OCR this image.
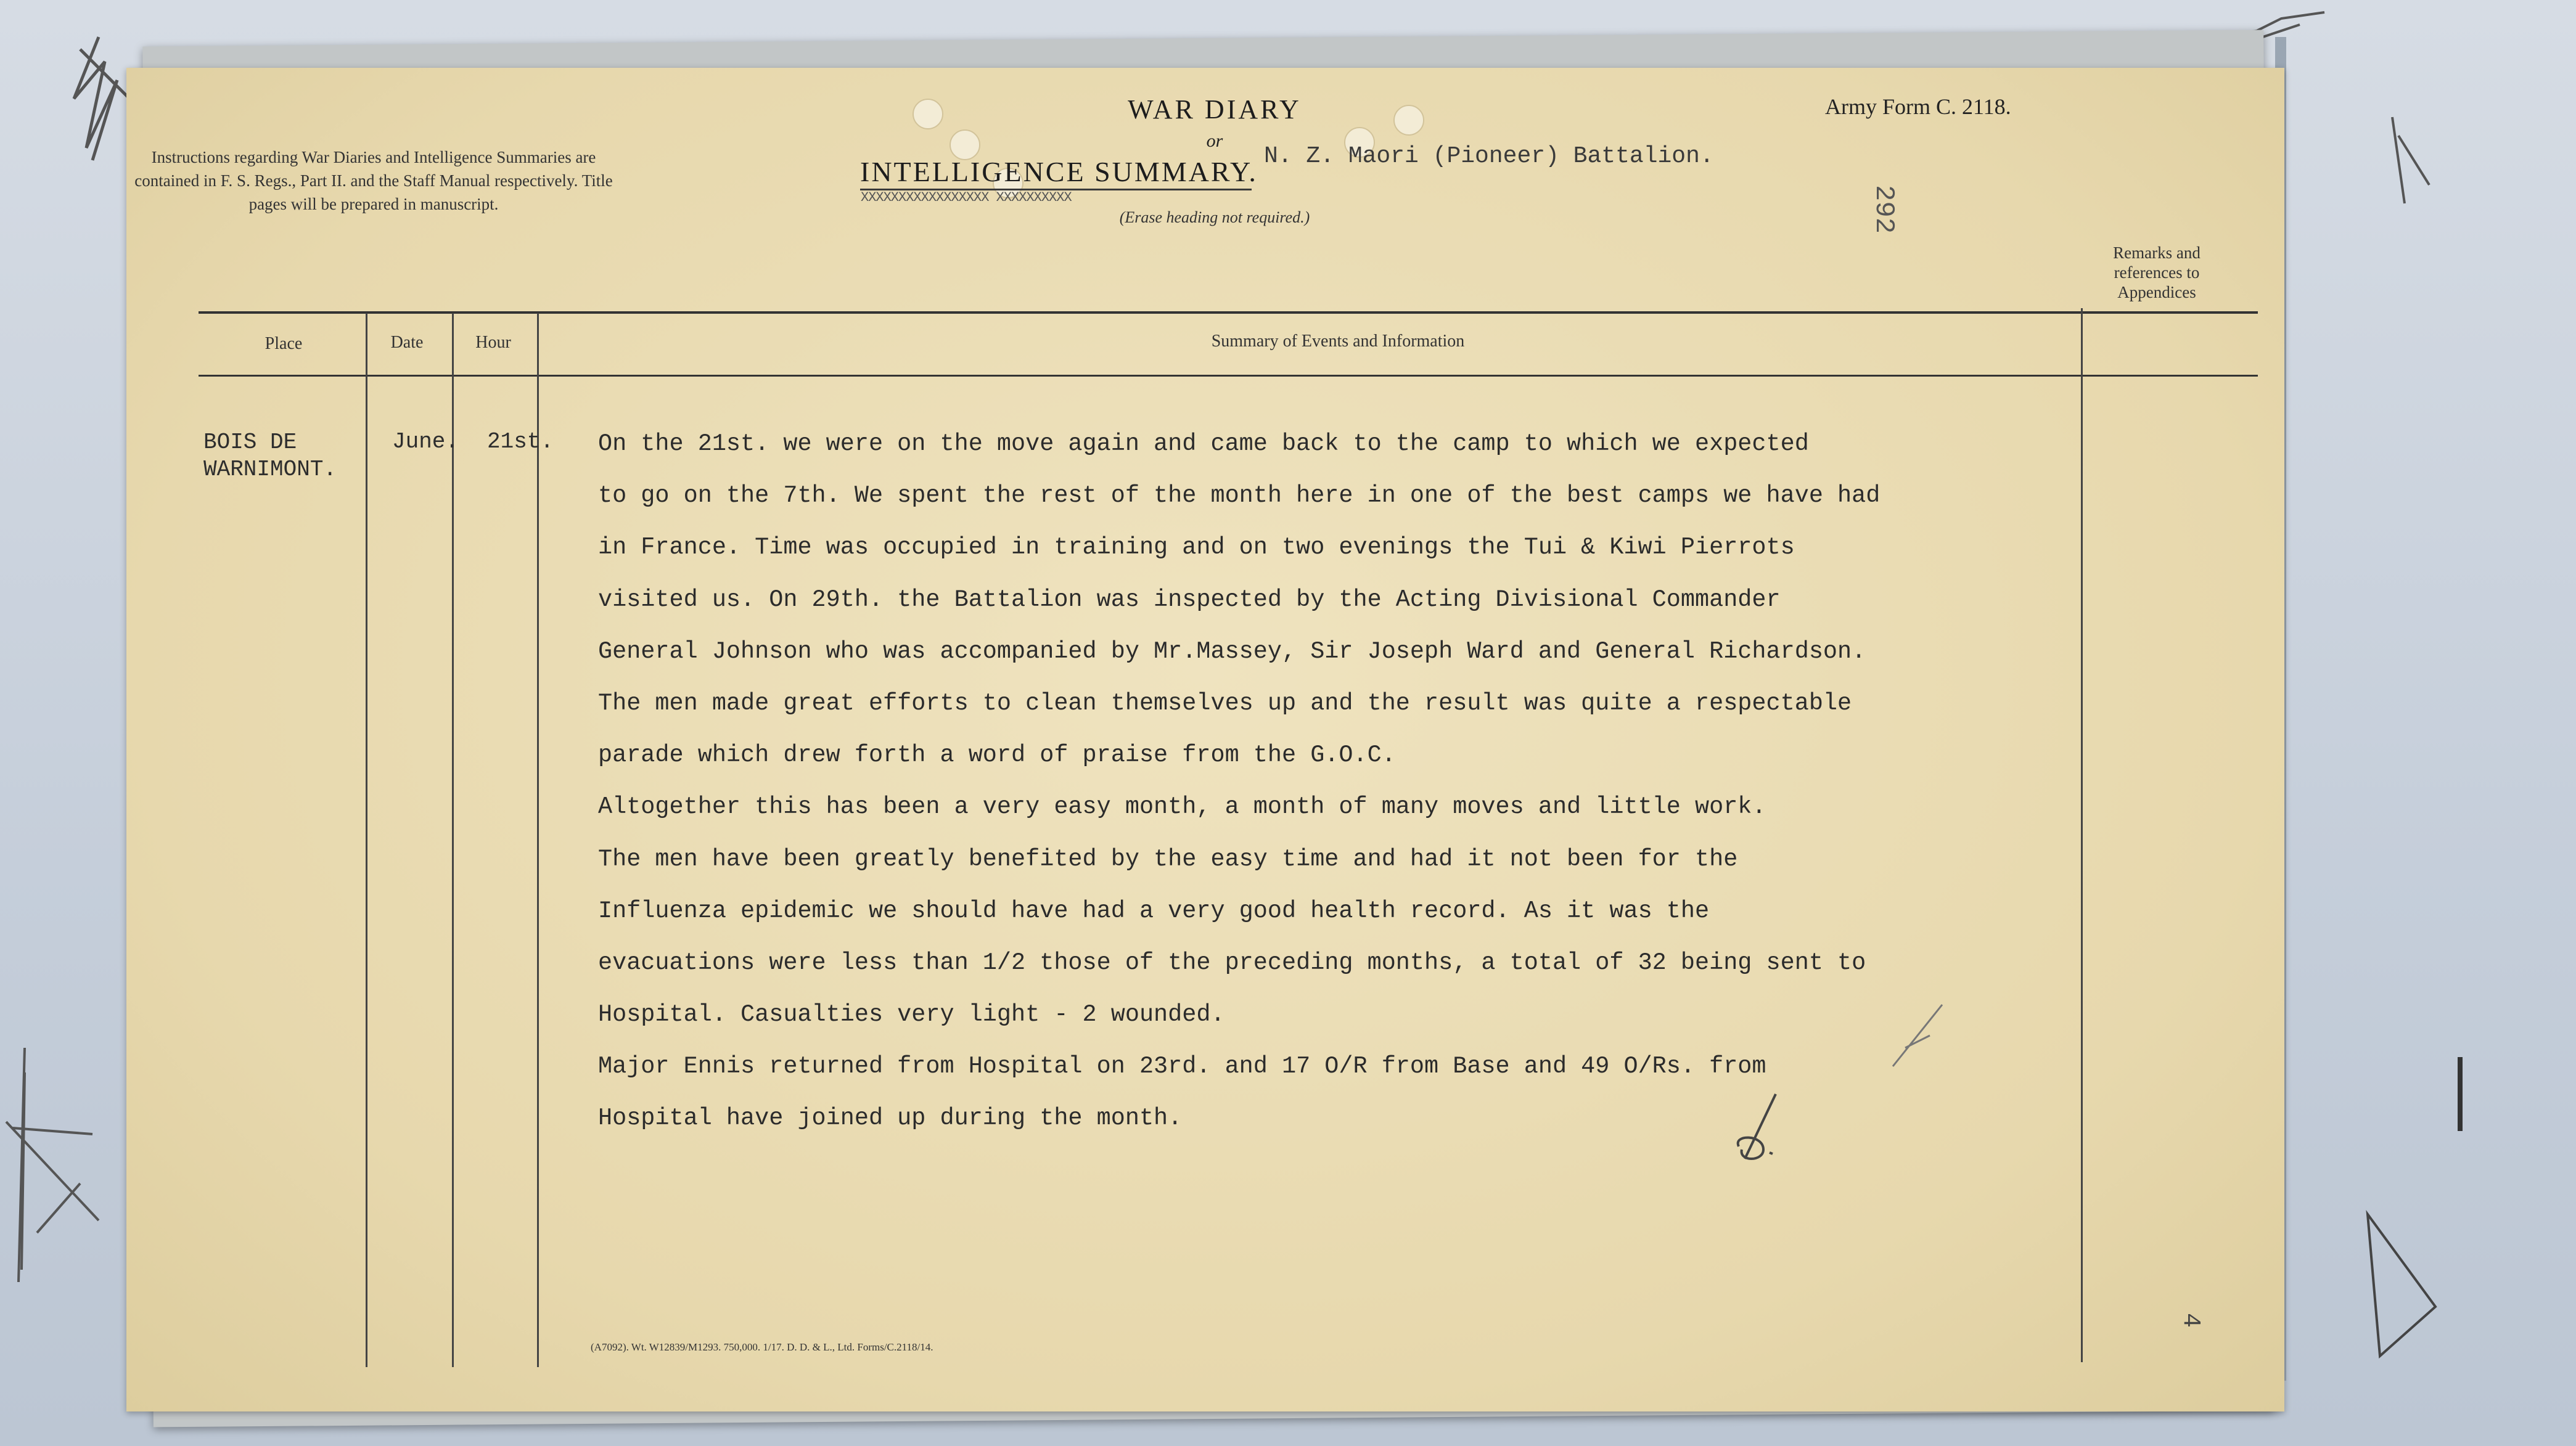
Instructions regarding War Diaries and Intelligence Summaries are contained in F. S. Regs., Part II. and the Staff Manual respectively. Title pages will be prepared in manuscript.
WAR DIARY
or
INTELLIGENCE SUMMARY.
XXXXXXXXXXXXXXXXX XXXXXXXXXX
(Erase heading not required.)
Army Form C. 2118.
N. Z. Maori (Pioneer) Battalion.
292
Place	Date	Hour	Summary of Events and Information
Remarks and references to Appendices
BOIS DE
WARNIMONT.
June. 21st. On the 21st. we were on the move again and came back to the camp to which we expected
to go on the 7th. We spent the rest of the month here in one of the best camps we have had
in France. Time was occupied in training and on two evenings the Tui & Kiwi Pierrots
visited us. On 29th. the Battalion was inspected by the Acting Divisional Commander
General Johnson who was accompanied by Mr.Massey, Sir Joseph Ward and General Richardson.
The men made great efforts to clean themselves up and the result was quite a respectable
parade which drew forth a word of praise from the G.O.C.
Altogether this has been a very easy month, a month of many moves and little work.
The men have been greatly benefited by the easy time and had it not been for the
Influenza epidemic we should have had a very good health record. As it was the
evacuations were less than 1/2 those of the preceding months, a total of 32 being sent to
Hospital. Casualties very light - 2 wounded.
Major Ennis returned from Hospital on 23rd. and 17 O/R from Base and 49 O/Rs. from
Hospital have joined up during the month.
(A7092). Wt. W12839/M1293. 750,000. 1/17. D. D. & L., Ltd. Forms/C.2118/14.
4
